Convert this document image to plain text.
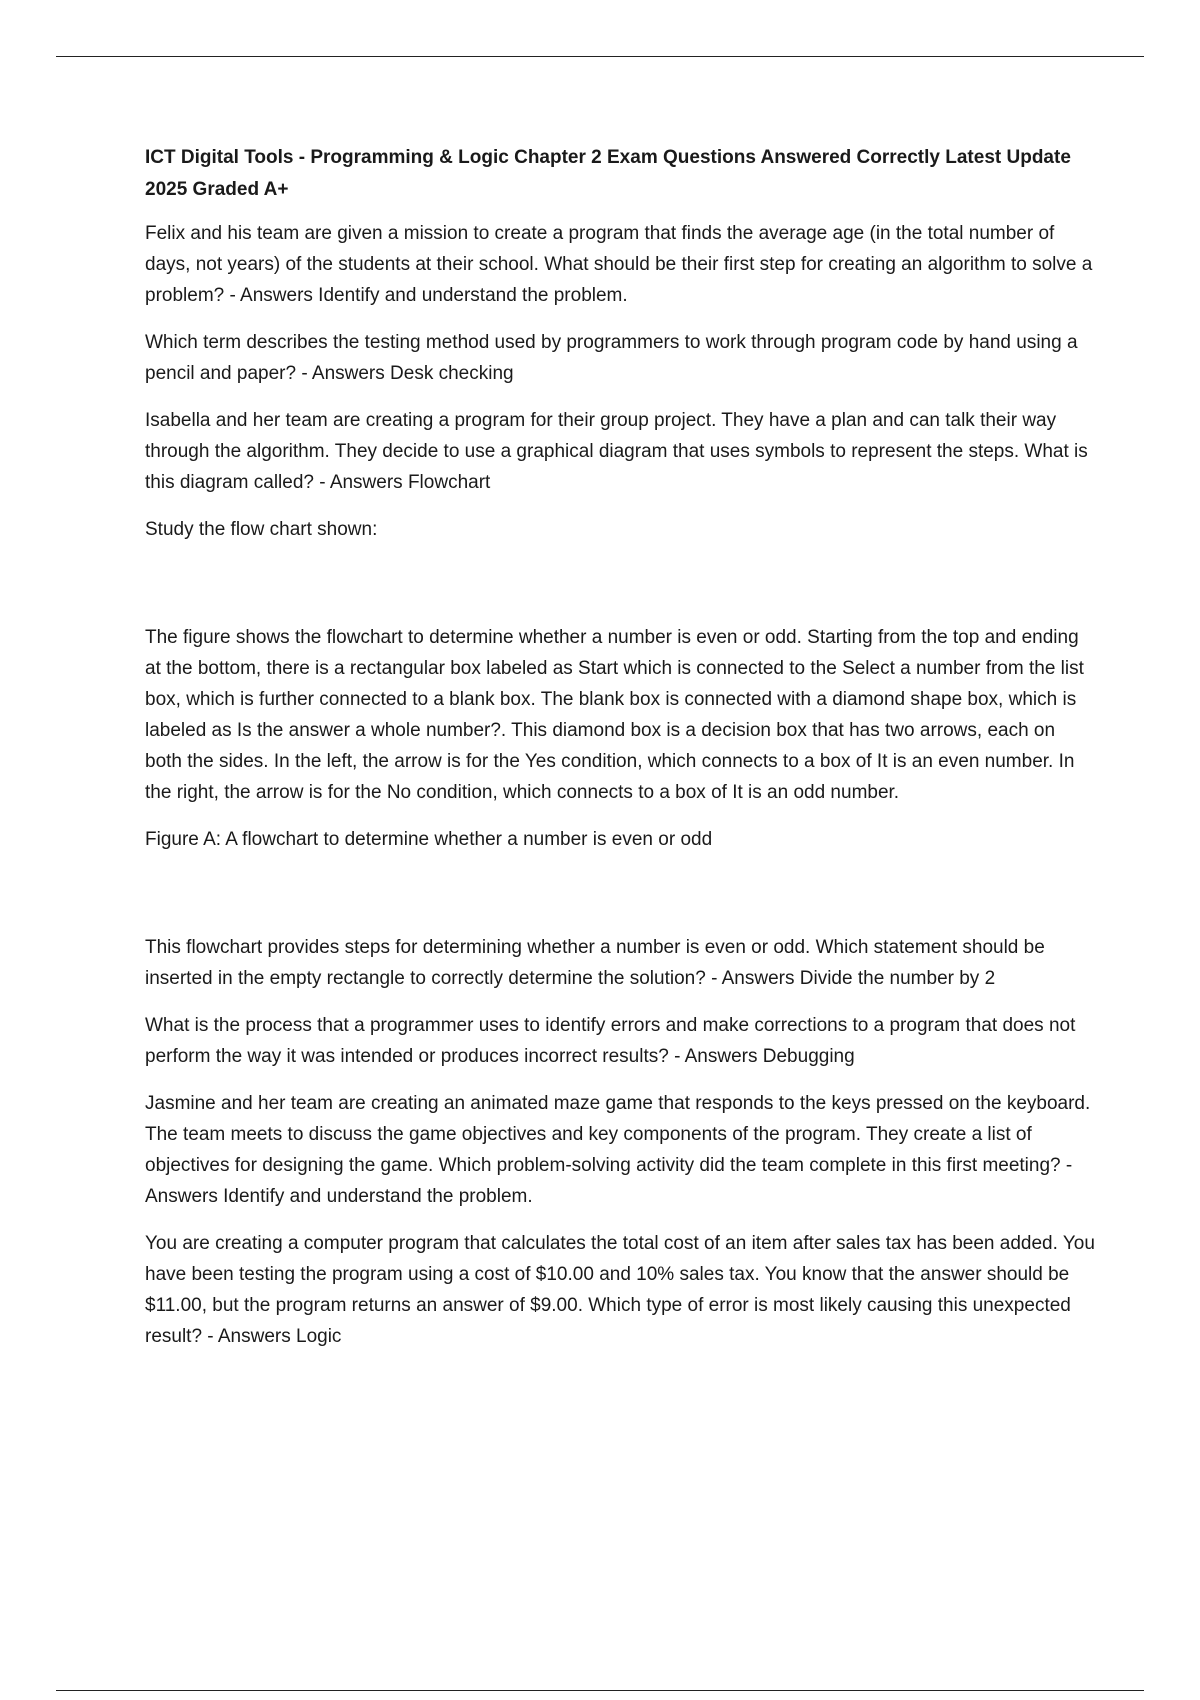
ICT Digital Tools - Programming & Logic Chapter 2 Exam Questions Answered Correctly Latest Update 2025 Graded A+
Felix and his team are given a mission to create a program that finds the average age (in the total number of days, not years) of the students at their school. What should be their first step for creating an algorithm to solve a problem? - Answers Identify and understand the problem.
Which term describes the testing method used by programmers to work through program code by hand using a pencil and paper? - Answers Desk checking
Isabella and her team are creating a program for their group project. They have a plan and can talk their way through the algorithm. They decide to use a graphical diagram that uses symbols to represent the steps. What is this diagram called? - Answers Flowchart
Study the flow chart shown:
The figure shows the flowchart to determine whether a number is even or odd. Starting from the top and ending at the bottom, there is a rectangular box labeled as Start which is connected to the Select a number from the list box, which is further connected to a blank box. The blank box is connected with a diamond shape box, which is labeled as Is the answer a whole number?. This diamond box is a decision box that has two arrows, each on both the sides. In the left, the arrow is for the Yes condition, which connects to a box of It is an even number. In the right, the arrow is for the No condition, which connects to a box of It is an odd number.
Figure A: A flowchart to determine whether a number is even or odd
This flowchart provides steps for determining whether a number is even or odd. Which statement should be inserted in the empty rectangle to correctly determine the solution? - Answers Divide the number by 2
What is the process that a programmer uses to identify errors and make corrections to a program that does not perform the way it was intended or produces incorrect results? - Answers Debugging
Jasmine and her team are creating an animated maze game that responds to the keys pressed on the keyboard. The team meets to discuss the game objectives and key components of the program. They create a list of objectives for designing the game. Which problem-solving activity did the team complete in this first meeting? - Answers Identify and understand the problem.
You are creating a computer program that calculates the total cost of an item after sales tax has been added. You have been testing the program using a cost of $10.00 and 10% sales tax. You know that the answer should be $11.00, but the program returns an answer of $9.00. Which type of error is most likely causing this unexpected result? - Answers Logic
